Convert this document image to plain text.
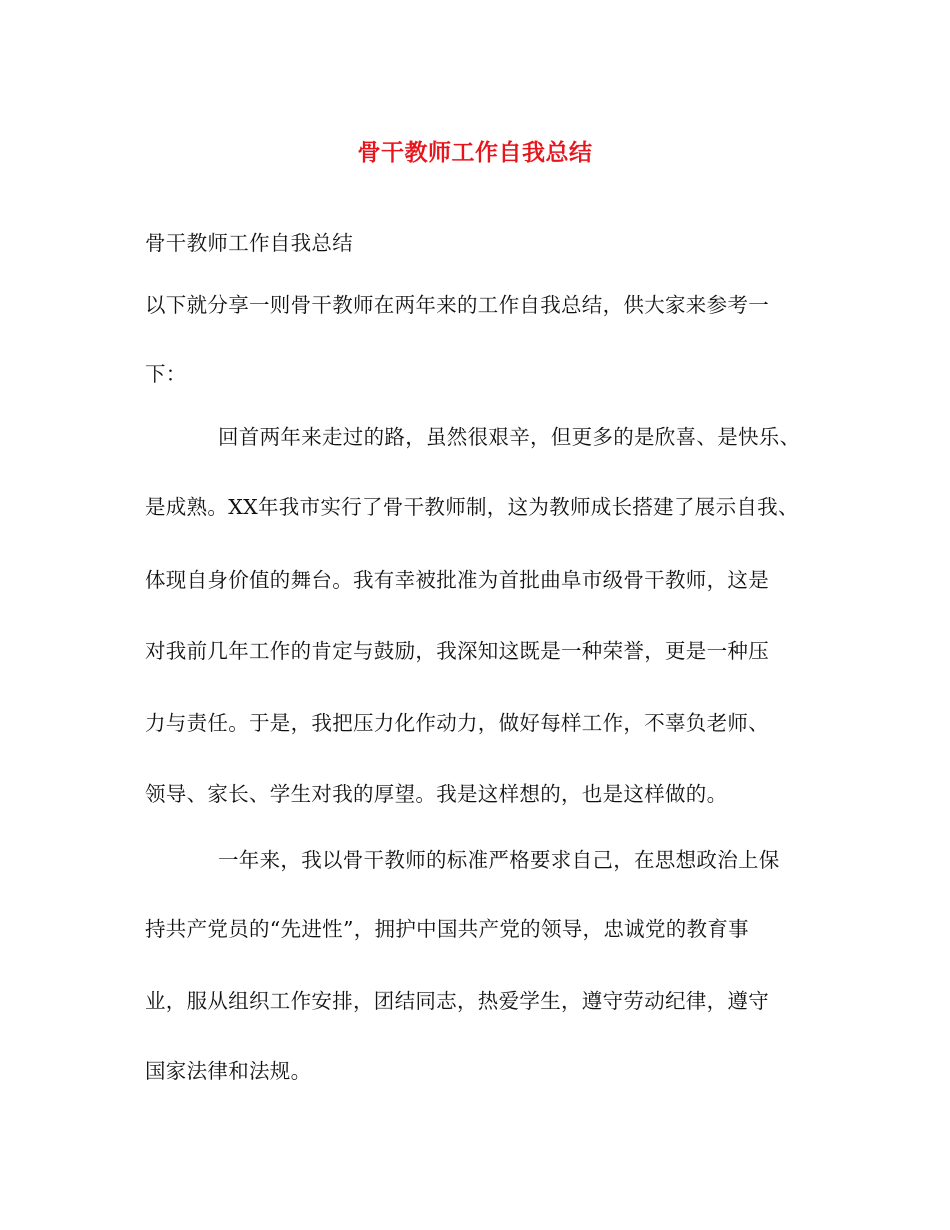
骨干教师工作自我总结
骨干教师工作自我总结
以下就分享一则骨干教师在两年来的工作自我总结，供大家来参考一
下：
回首两年来走过的路，虽然很艰辛，但更多的是欣喜、是快乐、
是成熟。XX年我市实行了骨干教师制，这为教师成长搭建了展示自我、
体现自身价值的舞台。我有幸被批准为首批曲阜市级骨干教师，这是
对我前几年工作的肯定与鼓励，我深知这既是一种荣誉，更是一种压
力与责任。于是，我把压力化作动力，做好每样工作，不辜负老师、
领导、家长、学生对我的厚望。我是这样想的，也是这样做的。
一年来，我以骨干教师的标准严格要求自己，在思想政治上保
持共产党员的“先进性”，拥护中国共产党的领导，忠诚党的教育事
业，服从组织工作安排，团结同志，热爱学生，遵守劳动纪律，遵守
国家法律和法规。
